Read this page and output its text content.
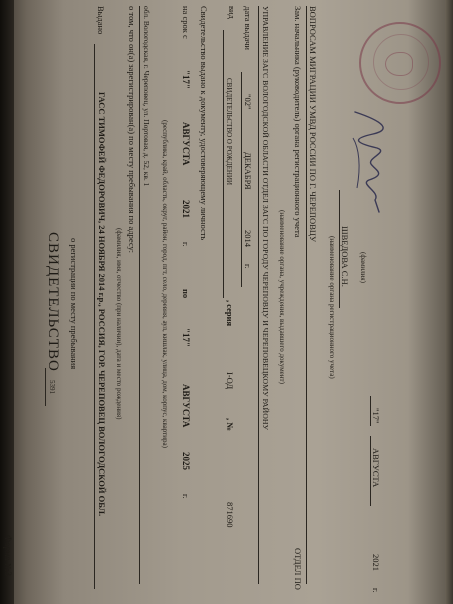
Форма №3
СВИДЕТЕЛЬСТВО
5391
о регистрации по месту пребывания
Выдано
ГАСС ТИМОФЕЙ ФЕДОРОВИЧ, 24 НОЯБРЯ 2014 г.р., РОССИЯ, ГОР. ЧЕРЕПОВЕЦ ВОЛОГОДСКОЙ ОБЛ. (фамилия, имя, отчество (при наличии), дата и место рождения)
о том, что он(а) зарегистрирован(а) по месту пребывания по адресу: обл. Вологодская, г. Череповец, ул. Портовая, д. 52, кв. 1
(республика, край, область, округ, район, город, пгт, село, деревня, аул, кишлак, улица, дом, корпус, квартира)
на срок с
"17"
АВГУСТА
2021
г.
по
"17"
АВГУСТА
2025
г.
Свидетельство выдано к документу, удостоверяющему личность вид
СВИДЕТЕЛЬСТВО О РОЖДЕНИИ
, серия
I-ОД
, №
871690
дата выдачи
"02"
ДЕКАБРЯ
2014
г. УПРАВЛЕНИЕ ЗАГС ВОЛОГОДСКОЙ ОБЛАСТИ ОТДЕЛ ЗАГС ПО ГОРОДУ ЧЕРЕПОВЦУ И ЧЕРЕПОВЕЦКОМУ РАЙОНУ (наименование органа, учреждения, выдавшего документ)
Зам. начальника (руководитель) органа регистрационного учета
ОТДЕЛ ПО
ВОПРОСАМ МИГРАЦИИ УМВД РОССИИ ПО Г. ЧЕРЕПОВЦУ
(наименование органа регистрационного учета) ШВЕДОВА С.Н. (фамилия)
"17"
АВГУСТА
2021
г.
